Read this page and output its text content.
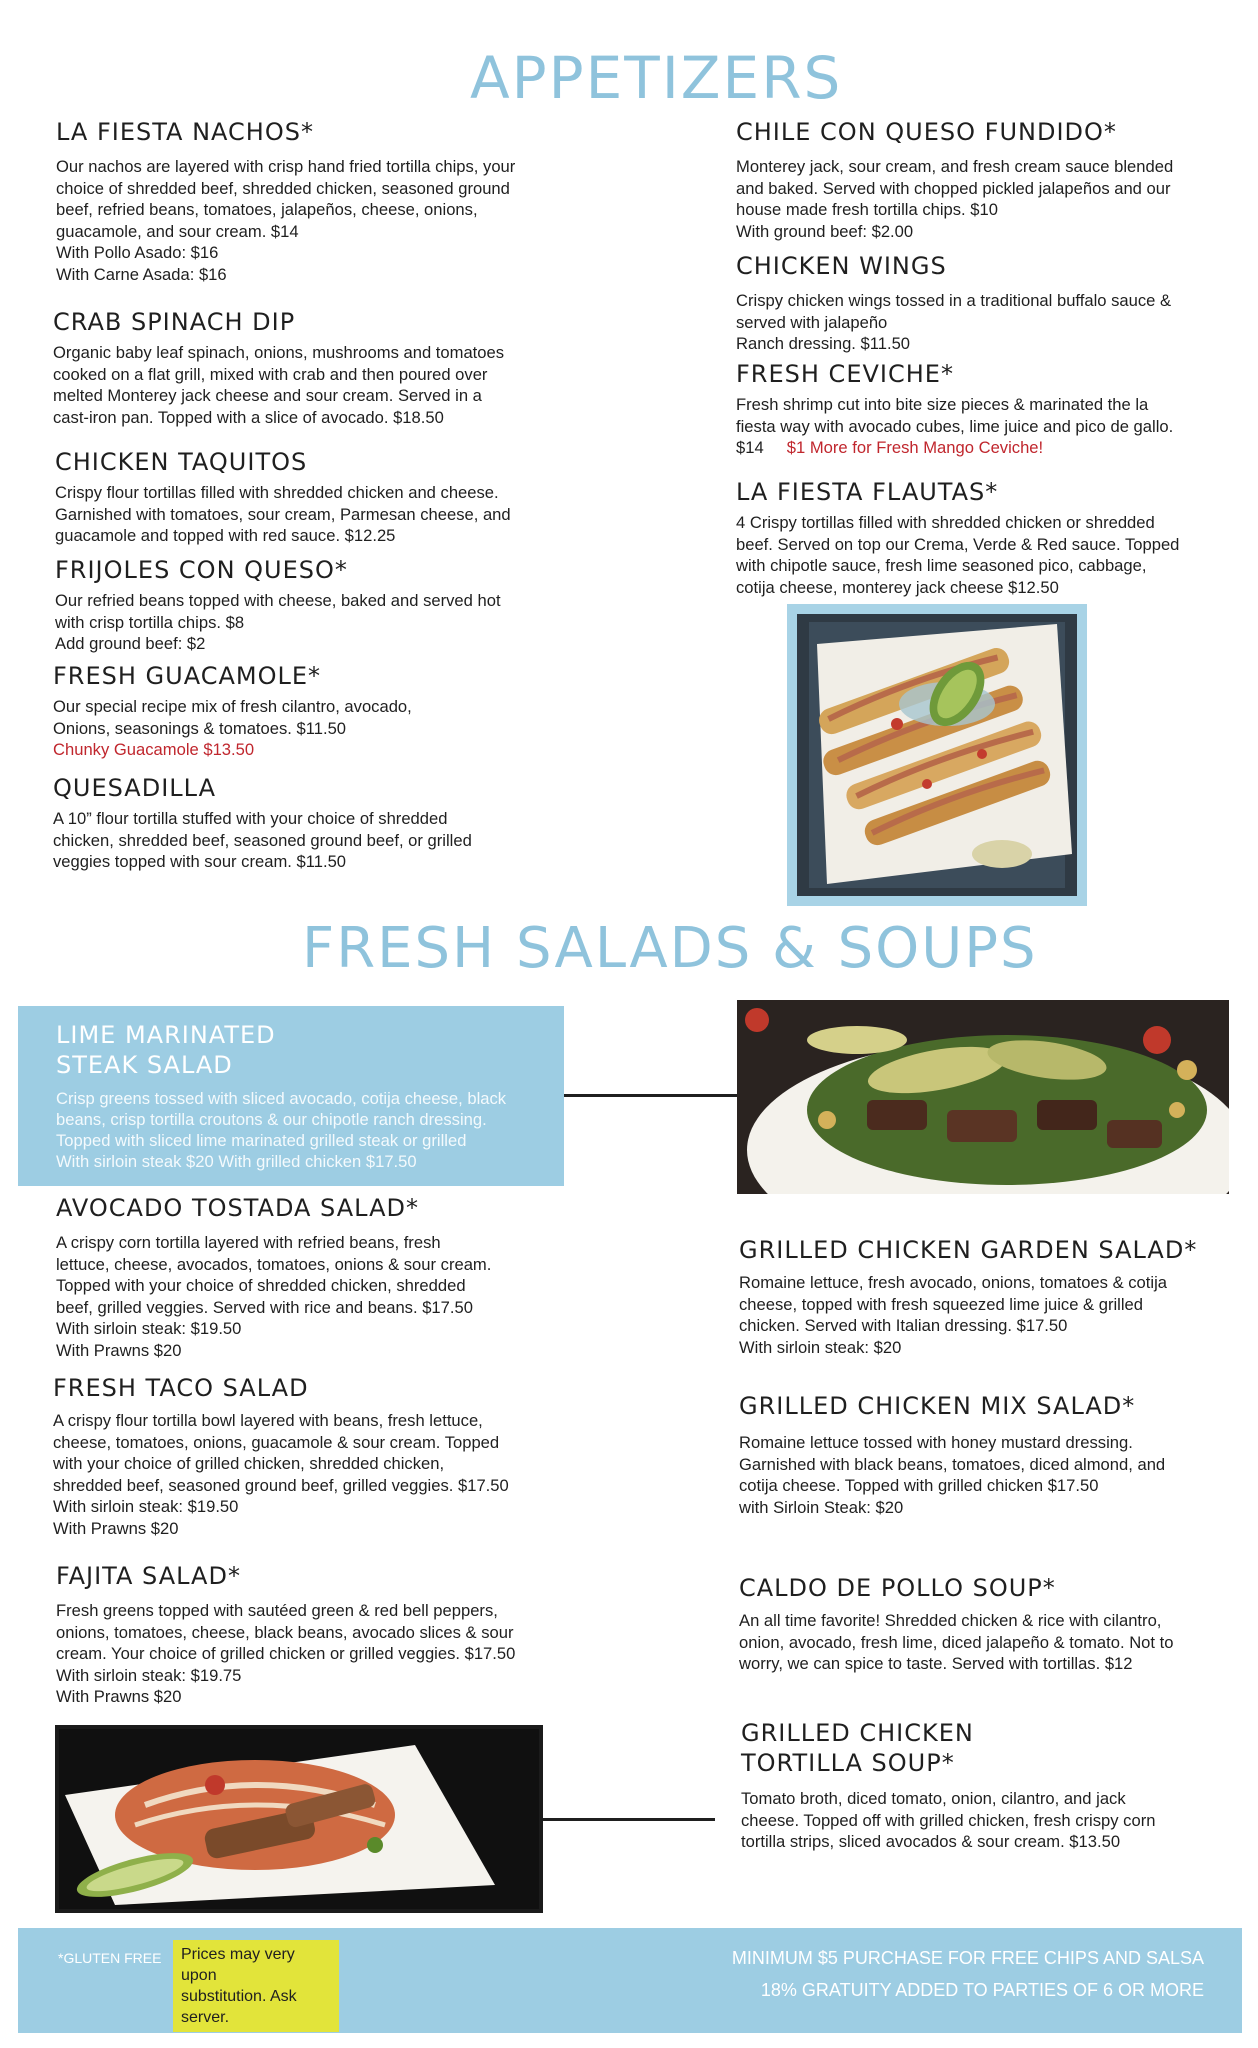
APPETIZERS
LA FIESTA NACHOS*
Our nachos are layered with crisp hand fried tortilla chips, your
choice of shredded beef, shredded chicken, seasoned ground
beef, refried beans, tomatoes, jalapeños, cheese, onions,
guacamole, and sour cream. $14
With Pollo Asado: $16
With Carne Asada: $16
CRAB SPINACH DIP
Organic baby leaf spinach, onions, mushrooms and tomatoes
cooked on a flat grill, mixed with crab and then poured over
melted Monterey jack cheese and sour cream. Served in a
cast-iron pan. Topped with a slice of avocado. $18.50
CHICKEN TAQUITOS
Crispy flour tortillas filled with shredded chicken and cheese.
Garnished with tomatoes, sour cream, Parmesan cheese, and
guacamole and topped with red sauce. $12.25
FRIJOLES CON QUESO*
Our refried beans topped with cheese, baked and served hot
with crisp tortilla chips. $8
Add ground beef: $2
FRESH GUACAMOLE*
Our special recipe mix of fresh cilantro, avocado,
Onions, seasonings & tomatoes. $11.50
Chunky Guacamole $13.50
QUESADILLA
A 10” flour tortilla stuffed with your choice of shredded
chicken, shredded beef, seasoned ground beef, or grilled
veggies topped with sour cream. $11.50
CHILE CON QUESO FUNDIDO*
Monterey jack, sour cream, and fresh cream sauce blended
and baked. Served with chopped pickled jalapeños and our
house made fresh tortilla chips. $10
With ground beef: $2.00
CHICKEN WINGS
Crispy chicken wings tossed in a traditional buffalo sauce &
served with jalapeño
Ranch dressing. $11.50
FRESH CEVICHE*
Fresh shrimp cut into bite size pieces & marinated the la
fiesta way with avocado cubes, lime juice and pico de gallo.
$14 $1 More for Fresh Mango Ceviche!
LA FIESTA FLAUTAS*
4 Crispy tortillas filled with shredded chicken or shredded
beef. Served on top our Crema, Verde & Red sauce. Topped
with chipotle sauce, fresh lime seasoned pico, cabbage,
cotija cheese, monterey jack cheese $12.50
FRESH SALADS & SOUPS
LIME MARINATED
STEAK SALAD
Crisp greens tossed with sliced avocado, cotija cheese, black
beans, crisp tortilla croutons & our chipotle ranch dressing.
Topped with sliced lime marinated grilled steak or grilled
With sirloin steak $20 With grilled chicken $17.50
AVOCADO TOSTADA SALAD*
A crispy corn tortilla layered with refried beans, fresh
lettuce, cheese, avocados, tomatoes, onions & sour cream.
Topped with your choice of shredded chicken, shredded
beef, grilled veggies. Served with rice and beans. $17.50
With sirloin steak: $19.50
With Prawns $20
FRESH TACO SALAD
A crispy flour tortilla bowl layered with beans, fresh lettuce,
cheese, tomatoes, onions, guacamole & sour cream. Topped
with your choice of grilled chicken, shredded chicken,
shredded beef, seasoned ground beef, grilled veggies. $17.50
With sirloin steak: $19.50
With Prawns $20
FAJITA SALAD*
Fresh greens topped with sautéed green & red bell peppers,
onions, tomatoes, cheese, black beans, avocado slices & sour
cream. Your choice of grilled chicken or grilled veggies. $17.50
With sirloin steak: $19.75
With Prawns $20
GRILLED CHICKEN GARDEN SALAD*
Romaine lettuce, fresh avocado, onions, tomatoes & cotija
cheese, topped with fresh squeezed lime juice & grilled
chicken. Served with Italian dressing. $17.50
With sirloin steak: $20
GRILLED CHICKEN MIX SALAD*
Romaine lettuce tossed with honey mustard dressing.
Garnished with black beans, tomatoes, diced almond, and
cotija cheese. Topped with grilled chicken $17.50
with Sirloin Steak: $20
CALDO DE POLLO SOUP*
An all time favorite! Shredded chicken & rice with cilantro,
onion, avocado, fresh lime, diced jalapeño & tomato. Not to
worry, we can spice to taste. Served with tortillas. $12
GRILLED CHICKEN
TORTILLA SOUP*
Tomato broth, diced tomato, onion, cilantro, and jack
cheese. Topped off with grilled chicken, fresh crispy corn
tortilla strips, sliced avocados & sour cream. $13.50
*GLUTEN FREE Prices may very upon
substitution. Ask
server.
MINIMUM $5 PURCHASE FOR FREE CHIPS AND SALSA
18% GRATUITY ADDED TO PARTIES OF 6 OR MORE
